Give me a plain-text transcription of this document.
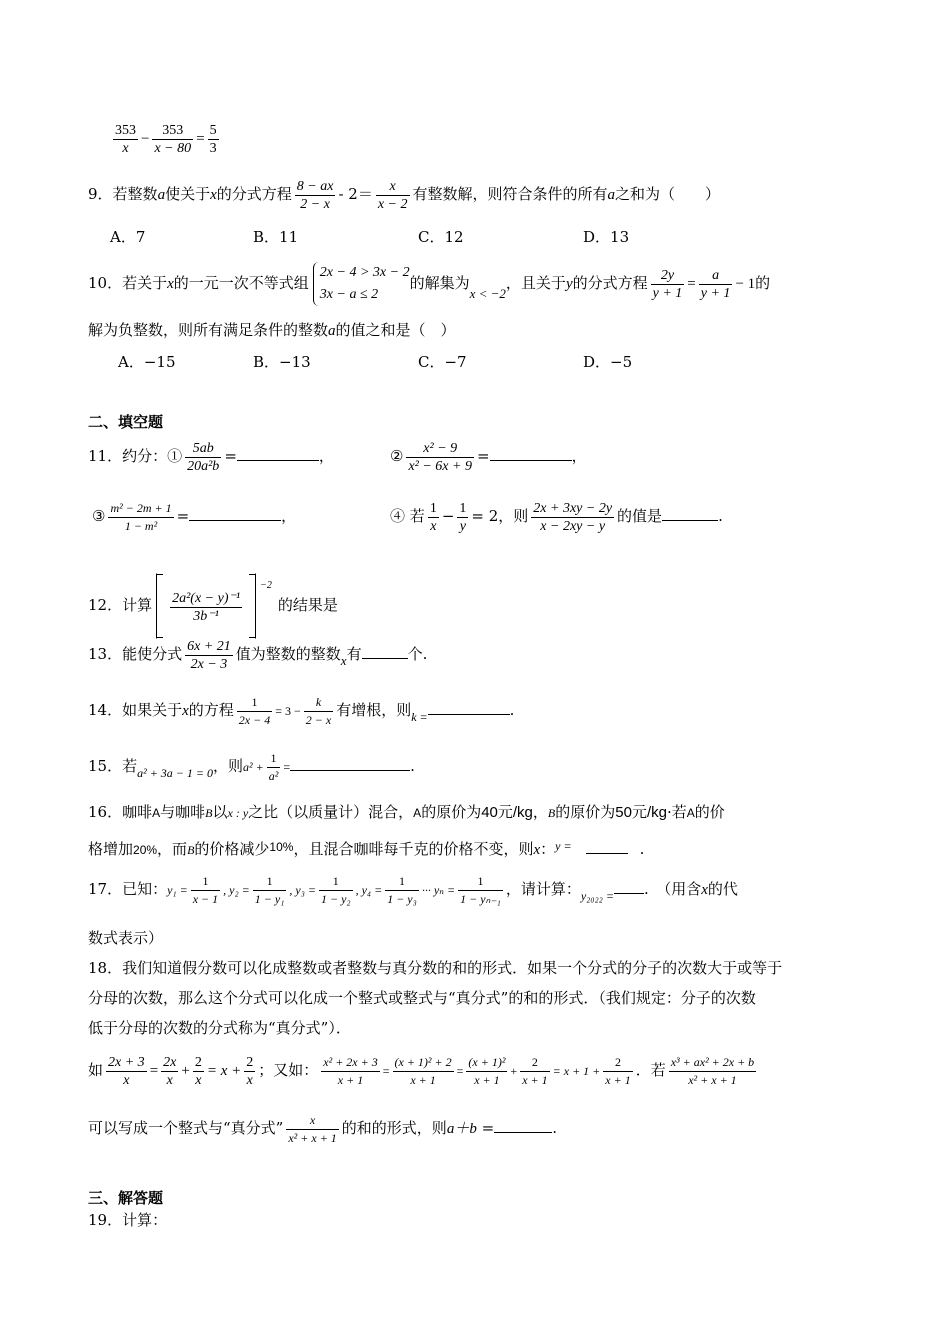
$\frac{353}{x} - \frac{353}{x - 80} = \frac{5}{3}$
9．若整数a使关于x的分式方程 $\frac{8 - ax}{2 - x} - 2= \frac{x}{x - 2}$ 有整数解，则符合条件的所有a之和为（　　）
A．7	B．11	C．12	D．13
10．若关于x的一元一次不等式组
2x − 4 > 3x − 2
3x − a ≤ 2
的解集为x < −2，且关于y的分式方程 $\frac{2y}{y + 1} = \frac{a}{y + 1} - 1$的
解为负整数，则所有满足条件的整数a的值之和是（　）
A．−15	B．−13	C．−7	D．−5
二、填空题
11．约分：① $\frac{5ab}{\text{20a²b}}$ =	，	② $\frac{\text{x² − 9}}{\text{x² − 6x + 9}}$ =	，
③ $\frac{\text{m² − 2m + 1}}{\text{1 − m²}}$ =	，	④ 若 $\frac{1}{x} - \frac{1}{y} = 2$，则 $\frac{2x + 3xy - 2y}{x - 2xy - y}$ 的值是	.
12．计算 $\frac{\text{2a²(x − y)⁻¹}}{\text{3b⁻¹}}$
$^{-2}$的结果是
13．能使分式 $\frac{6x + 21}{2x - 3}$ 值为整数的整数x有	个.
14．如果关于x的方程 $\frac{1}{2x - 4} = 3 - \frac{k}{2 - x}$ 有增根，则$_{k =}$	.
15．若$_{a^2 + 3a - 1 = 0}$，则$a^2 + \frac{1}{\text{a²}}$ =	.
16．咖啡A与咖啡B以x : y之比（以质量计）混合，A的原价为40元/kg，B的原价为50元/kg·若A的价
格增加20%，而B的价格减少$^{10\%}$，且混合咖啡每千克的价格不变，则x：$^{y =}$	.
17．已知：$y_1 = \frac{1}{x - 1}$ , $y_2 = \frac{1}{\text{1 − y₁}}$ , $y_3 = \frac{1}{\text{1 − y₂}}$ , $y_4 = \frac{1}{\text{1 − y₃}}$ ··· $y_n = \frac{1}{\text{1 − yₙ₋₁}}$ ，请计算：$_{y_{2022} =}$ .　（用含x的代
数式表示）
18．我们知道假分数可以化成整数或者整数与真分数的和的形式．如果一个分式的分子的次数大于或等于
分母的次数，那么这个分式可以化成一个整式或整式与“真分式”的和的形式．（我们规定：分子的次数
低于分母的次数的分式称为“真分式”）．
如 $\frac{2x + 3}{x} = \frac{2x}{x} + \frac{2}{x} = x + \frac{2}{x}$ ；又如： $\frac{\text{x² + 2x + 3}}{x + 1} = \frac{\text{(x + 1)² + 2}}{x + 1} = \frac{\text{(x + 1)²}}{x + 1} + \frac{2}{x + 1} = x + 1 + \frac{2}{x + 1}$ ．若 $\frac{\text{x³ + ax² + 2x + b}}{\text{x² + x + 1}}$
可以写成一个整式与“真分式” $\frac{x}{\text{x² + x + 1}}$ 的和的形式，则a＋b =	.
三、解答题
19．计算：
